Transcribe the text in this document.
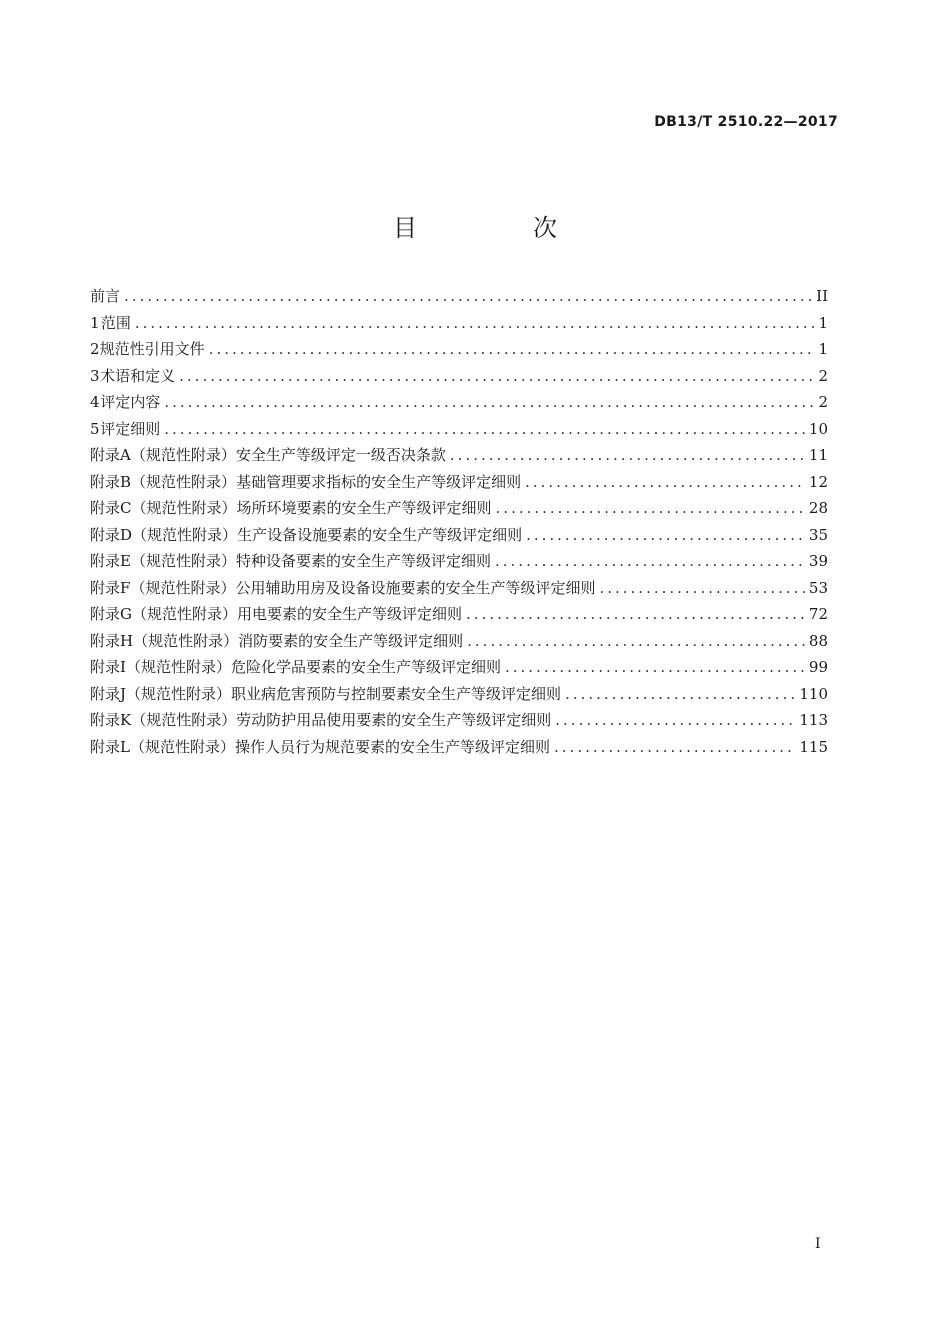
DB13/T 2510.22—2017
目　次
前言 .....	II
1 范围 .....	1
2 规范性引用文件 .....	1
3 术语和定义 .....	2
4 评定内容 .....	2
5 评定细则 .....	10
附录 A （规范性附录） 安全生产等级评定一级否决条款 .....	11
附录 B （规范性附录） 基础管理要求指标的安全生产等级评定细则 .....	12
附录 C （规范性附录） 场所环境要素的安全生产等级评定细则 .....	28
附录 D （规范性附录） 生产设备设施要素的安全生产等级评定细则 .....	35
附录 E （规范性附录） 特种设备要素的安全生产等级评定细则 .....	39
附录 F （规范性附录） 公用辅助用房及设备设施要素的安全生产等级评定细则 .....	53
附录 G （规范性附录） 用电要素的安全生产等级评定细则 .....	72
附录 H （规范性附录） 消防要素的安全生产等级评定细则 .....	88
附录 I （规范性附录） 危险化学品要素的安全生产等级评定细则 .....	99
附录 J （规范性附录） 职业病危害预防与控制要素安全生产等级评定细则 .....	110
附录 K （规范性附录） 劳动防护用品使用要素的安全生产等级评定细则 .....	113
附录 L （规范性附录） 操作人员行为规范要素的安全生产等级评定细则 .....	115
I
